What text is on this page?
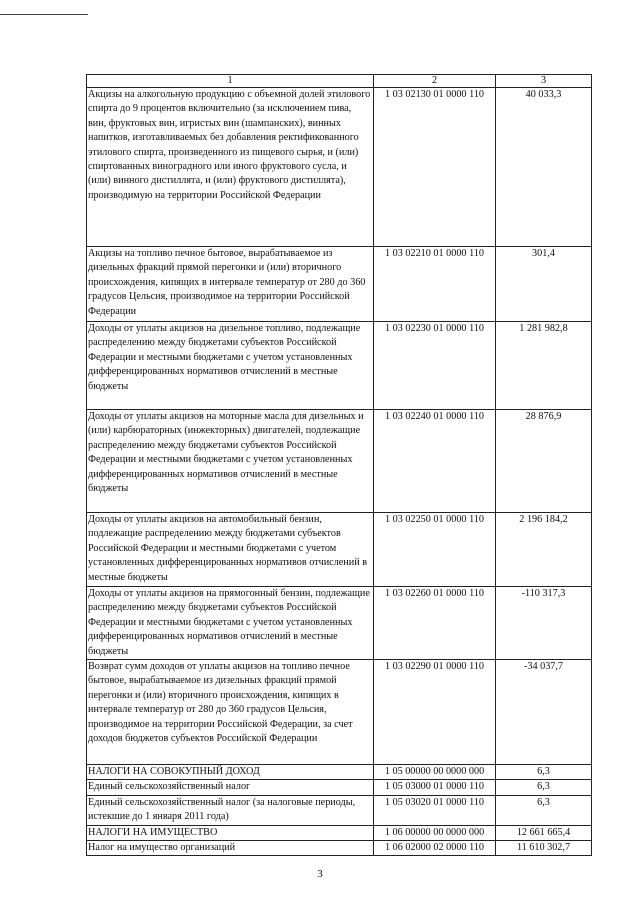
1	2	3
Акцизы на алкогольную продукцию с объемной долей этилового спирта до 9 процентов включительно (за исключением пива, вин, фруктовых вин, игристых вин (шампанских), винных напитков, изготавливаемых без добавления ректификованного этилового спирта, произведенного из пищевого сырья, и (или) спиртованных виноградного или иного фруктового сусла, и (или) винного дистиллята, и (или) фруктового дистиллята), производимую на территории Российской Федерации	1 03 02130 01 0000 110	40 033,3
Акцизы на топливо печное бытовое, вырабатываемое из дизельных фракций прямой перегонки и (или) вторичного происхождения, кипящих в интервале температур от 280 до 360 градусов Цельсия, производимое на территории Российской Федерации	1 03 02210 01 0000 110	301,4
Доходы от уплаты акцизов на дизельное топливо, подлежащие распределению между бюджетами субъектов Российской Федерации и местными бюджетами с учетом установленных дифференцированных нормативов отчислений в местные бюджеты	1 03 02230 01 0000 110	1 281 982,8
Доходы от уплаты акцизов на моторные масла для дизельных и (или) карбюраторных (инжекторных) двигателей, подлежащие распределению между бюджетами субъектов Российской Федерации и местными бюджетами с учетом установленных дифференцированных нормативов отчислений в местные бюджеты	1 03 02240 01 0000 110	28 876,9
Доходы от уплаты акцизов на автомобильный бензин, подлежащие распределению между бюджетами субъектов Российской Федерации и местными бюджетами с учетом установленных дифференцированных нормативов отчислений в местные бюджеты	1 03 02250 01 0000 110	2 196 184,2
Доходы от уплаты акцизов на прямогонный бензин, подлежащие распределению между бюджетами субъектов Российской Федерации и местными бюджетами с учетом установленных дифференцированных нормативов отчислений в местные бюджеты	1 03 02260 01 0000 110	-110 317,3
Возврат сумм доходов от уплаты акцизов на топливо печное бытовое, вырабатываемое из дизельных фракций прямой перегонки и (или) вторичного происхождения, кипящих в интервале температур от 280 до 360 градусов Цельсия, производимое на территории Российской Федерации, за счет доходов бюджетов субъектов Российской Федерации	1 03 02290 01 0000 110	-34 037,7
НАЛОГИ НА СОВОКУПНЫЙ ДОХОД	1 05 00000 00 0000 000	6,3
Единый сельскохозяйственный налог	1 05 03000 01 0000 110	6,3
Единый сельскохозяйственный налог (за налоговые периоды, истекшие до 1 января 2011 года)	1 05 03020 01 0000 110	6,3
НАЛОГИ НА ИМУЩЕСТВО	1 06 00000 00 0000 000	12 661 665,4
Налог на имущество организаций	1 06 02000 02 0000 110	11 610 302,7
3
